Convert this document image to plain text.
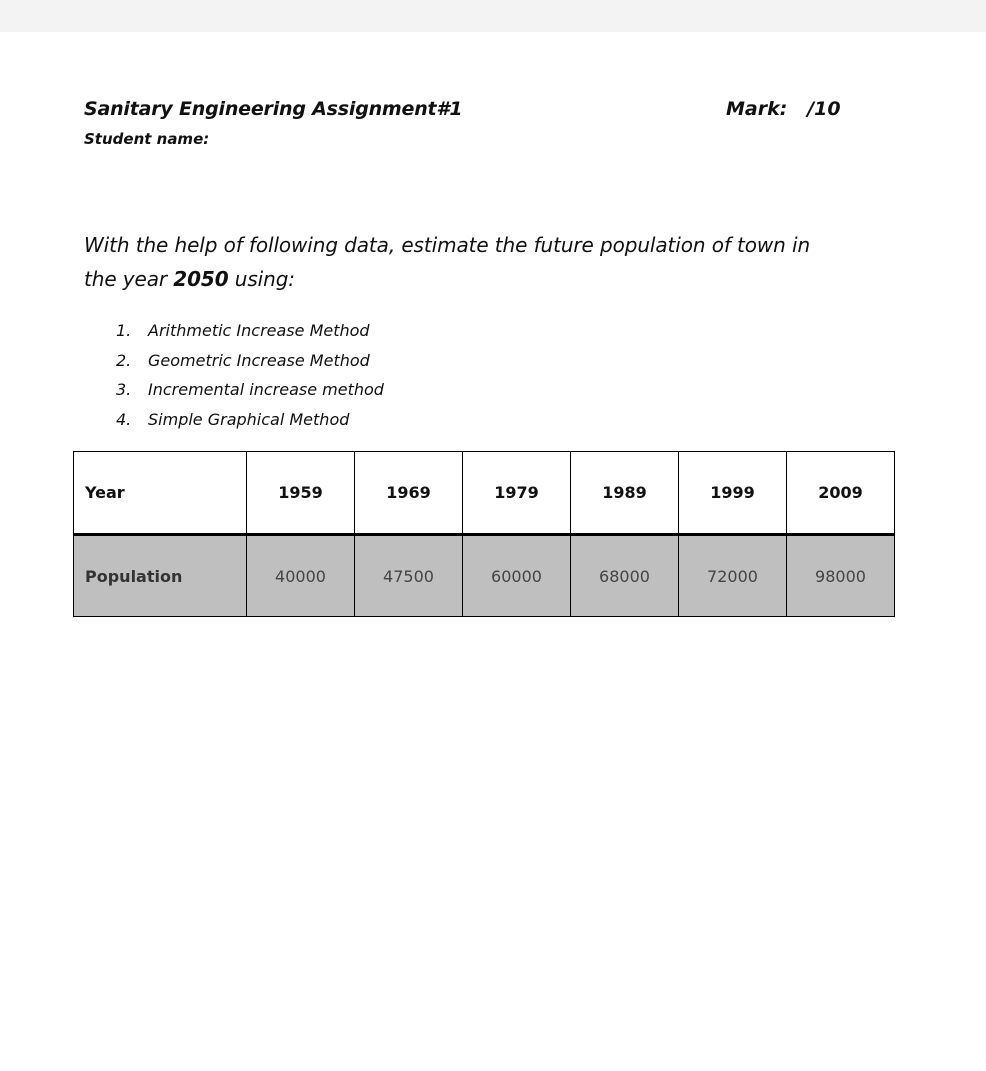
Sanitary Engineering Assignment#1	Mark: /10
Student name:
With the help of following data, estimate the future population of town in the year 2050 using:
1. Arithmetic Increase Method
2. Geometric Increase Method
3. Incremental increase method
4. Simple Graphical Method
Year	1959	1969	1979	1989	1999	2009
Population	40000	47500	60000	68000	72000	98000
